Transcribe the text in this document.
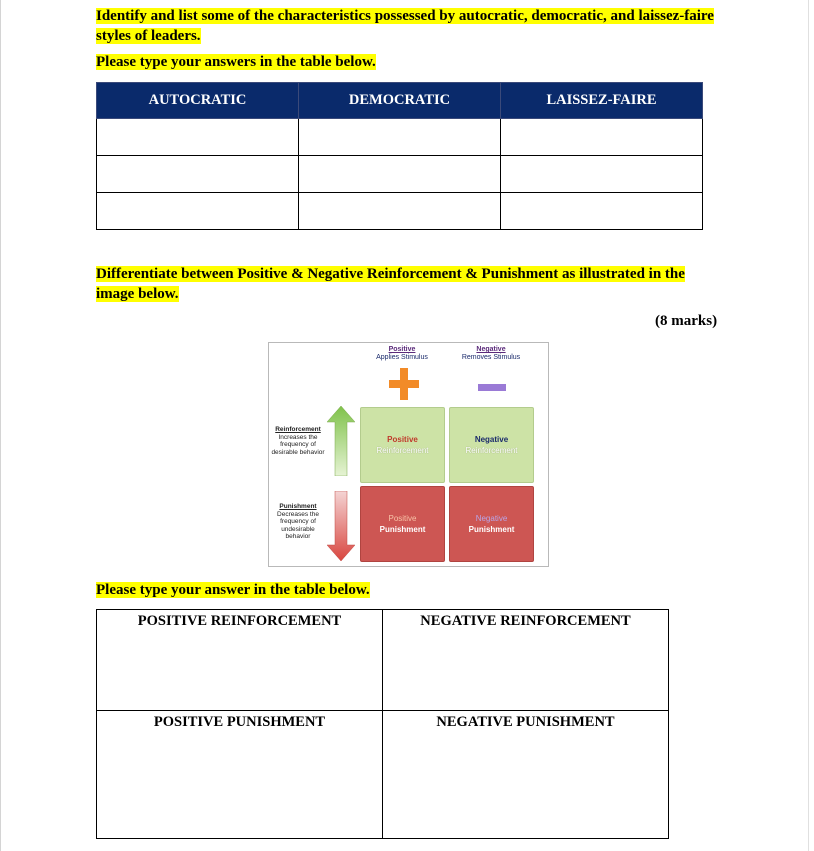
Identify and list some of the characteristics possessed by autocratic, democratic, and laissez-faire styles of leaders.
Please type your answers in the table below.
AUTOCRATIC	DEMOCRATIC	LAISSEZ-FAIRE

Differentiate between Positive & Negative Reinforcement & Punishment as illustrated in the image below.
(8 marks)
Positive
Applies Stimulus
Negative
Removes Stimulus
Reinforcement
Increases the frequency of desirable behavior
Punishment
Decreases the frequency of undesirable behavior
Positive
Reinforcement
Negative
Reinforcement
Positive
Punishment
Negative
Punishment
Please type your answer in the table below.
POSITIVE REINFORCEMENT	NEGATIVE REINFORCEMENT
POSITIVE PUNISHMENT	NEGATIVE PUNISHMENT
